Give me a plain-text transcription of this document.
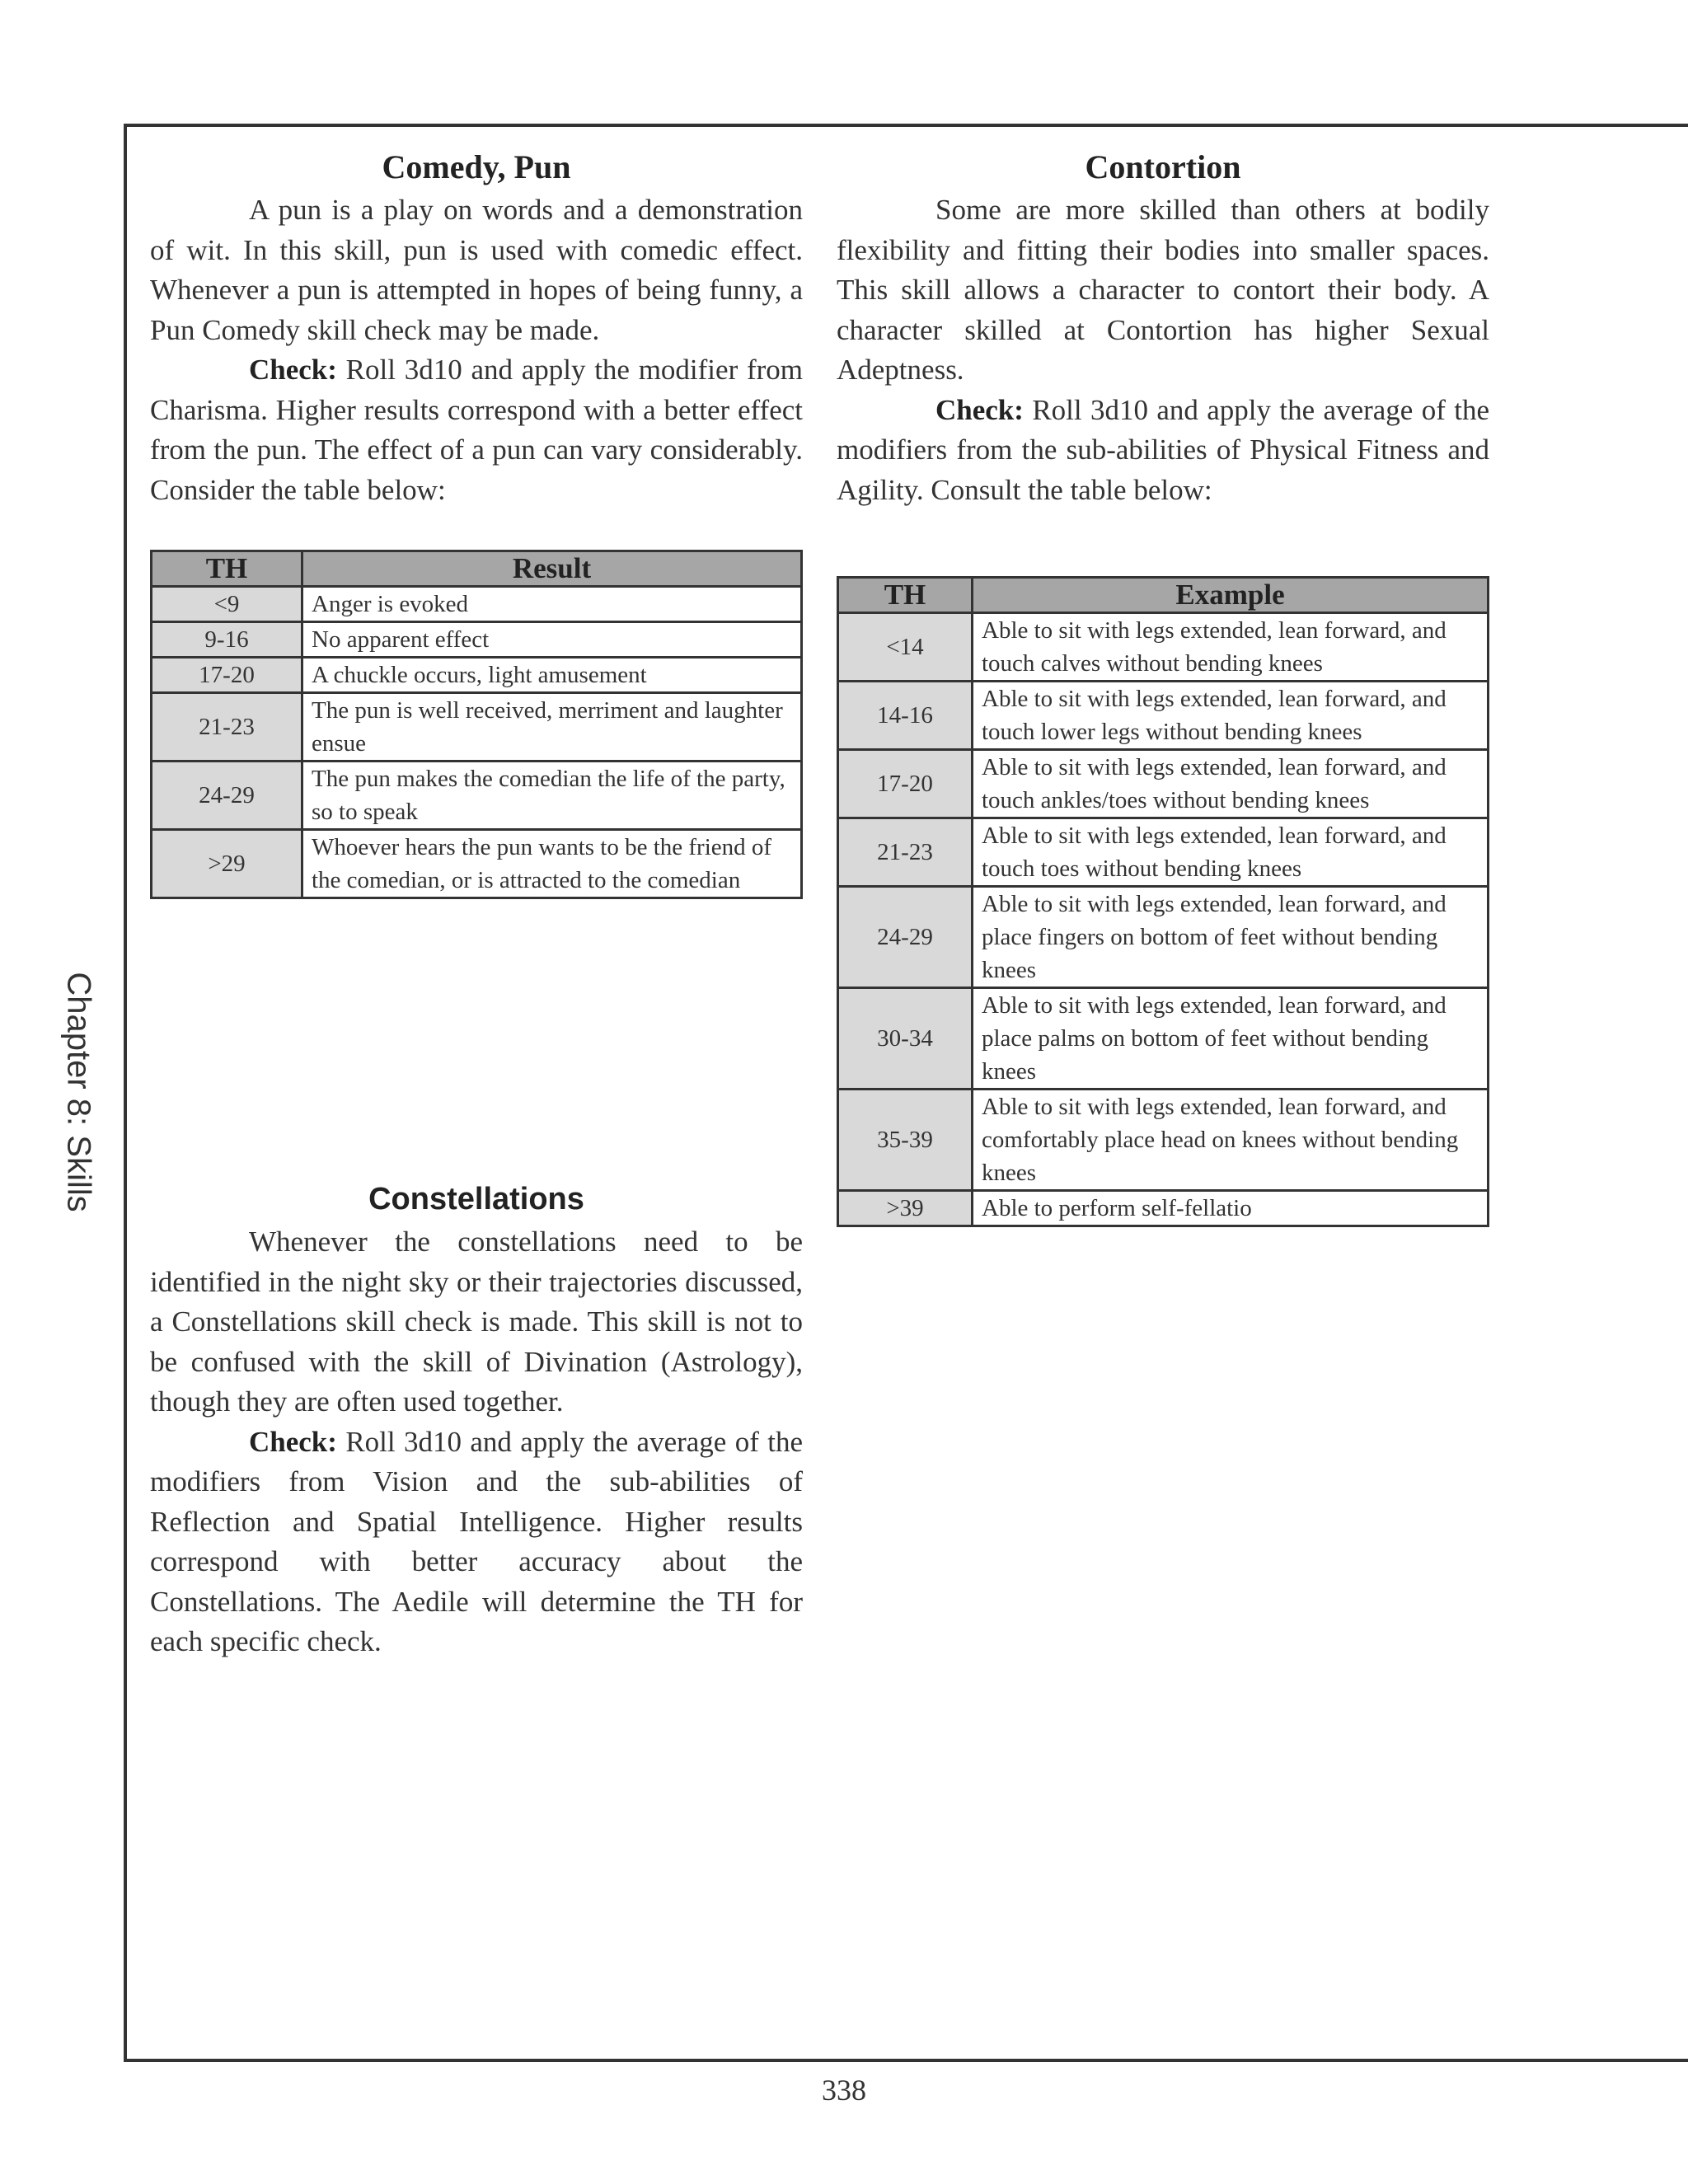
Chapter 8: Skills
Comedy, Pun

A pun is a play on words and a demonstration of wit. In this skill, pun is used with comedic effect. Whenever a pun is attempted in hopes of being funny, a Pun Comedy skill check may be made.

Check: Roll 3d10 and apply the modifier from Charisma. Higher results correspond with a better effect from the pun. The effect of a pun can vary considerably. Consider the table below:

TH	Result
<9	Anger is evoked
9-16	No apparent effect
17-20	A chuckle occurs, light amusement
21-23	The pun is well received, merriment and laughter ensue
24-29	The pun makes the comedian the life of the party, so to speak
>29	Whoever hears the pun wants to be the friend of the comedian, or is attracted to the comedian
Constellations

Whenever the constellations need to be identified in the night sky or their trajectories discussed, a Constellations skill check is made. This skill is not to be confused with the skill of Divination (Astrology), though they are often used together.

Check: Roll 3d10 and apply the average of the modifiers from Vision and the sub-abilities of Reflection and Spatial Intelligence. Higher results correspond with better accuracy about the Constellations. The Aedile will determine the TH for each specific check.

Contortion

Some are more skilled than others at bodily flexibility and fitting their bodies into smaller spaces. This skill allows a character to contort their body. A character skilled at Contortion has higher Sexual Adeptness.

Check: Roll 3d10 and apply the average of the modifiers from the sub-abilities of Physical Fitness and Agility. Consult the table below:

TH	Example
<14	Able to sit with legs extended, lean forward, and touch calves without bending knees
14-16	Able to sit with legs extended, lean forward, and touch lower legs without bending knees
17-20	Able to sit with legs extended, lean forward, and touch ankles/toes without bending knees
21-23	Able to sit with legs extended, lean forward, and touch toes without bending knees
24-29	Able to sit with legs extended, lean forward, and place fingers on bottom of feet without bending knees
30-34	Able to sit with legs extended, lean forward, and place palms on bottom of feet without bending knees
35-39	Able to sit with legs extended, lean forward, and comfortably place head on knees without bending knees
>39	Able to perform self-fellatio
338
